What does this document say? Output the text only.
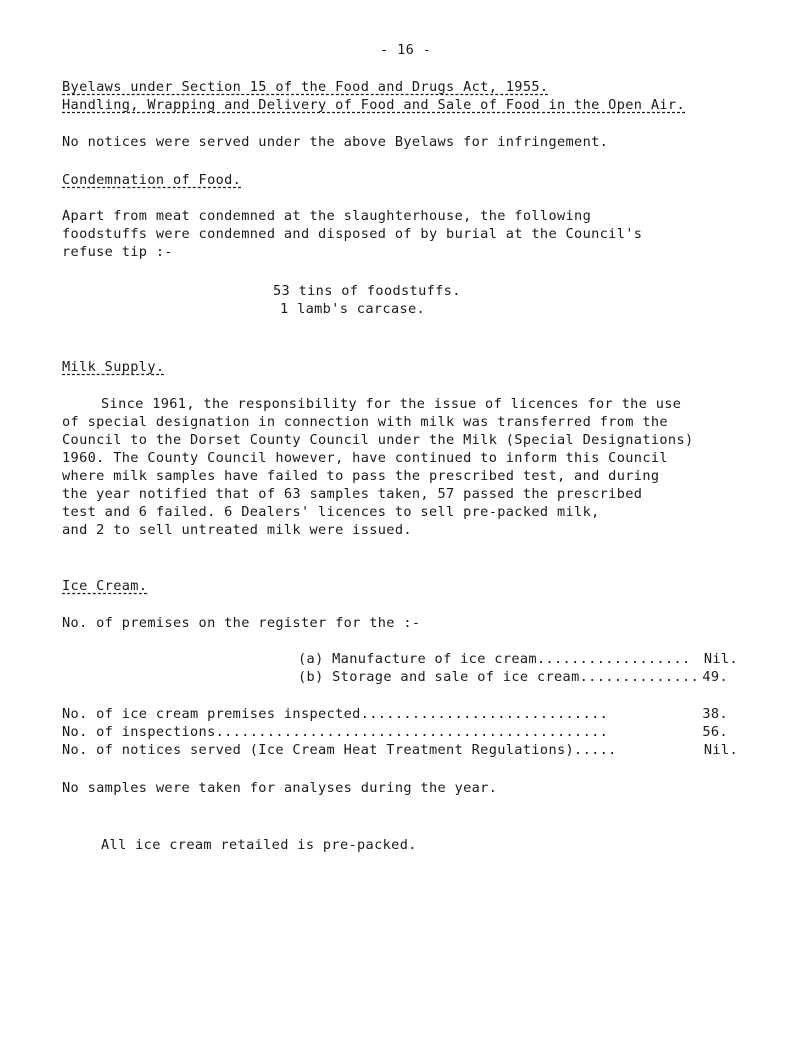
- 16 -
Byelaws under Section 15 of the Food and Drugs Act, 1955.
Handling, Wrapping and Delivery of Food and Sale of Food in the Open Air.
No notices were served under the above Byelaws for infringement.
Condemnation of Food.
Apart from meat condemned at the slaughterhouse, the following
foodstuffs were condemned and disposed of by burial at the Council's
refuse tip :-
53 tins of foodstuffs.
1 lamb's carcase.
Milk Supply.
Since 1961, the responsibility for the issue of licences for the use
of special designation in connection with milk was transferred from the
Council to the Dorset County Council under the Milk (Special Designations)
1960. The County Council however, have continued to inform this Council
where milk samples have failed to pass the prescribed test, and during
the year notified that of 63 samples taken, 57 passed the prescribed
test and 6 failed. 6 Dealers' licences to sell pre-packed milk,
and 2 to sell untreated milk were issued.
Ice Cream.
No. of premises on the register for the :-
(a) Manufacture of ice cream.................. Nil.
(b) Storage and sale of ice cream.............. 49.
No. of ice cream premises inspected.............................	38.
No. of inspections..............................................	56.
No. of notices served (Ice Cream Heat Treatment Regulations).....	Nil.
No samples were taken for analyses during the year.
All ice cream retailed is pre-packed.
